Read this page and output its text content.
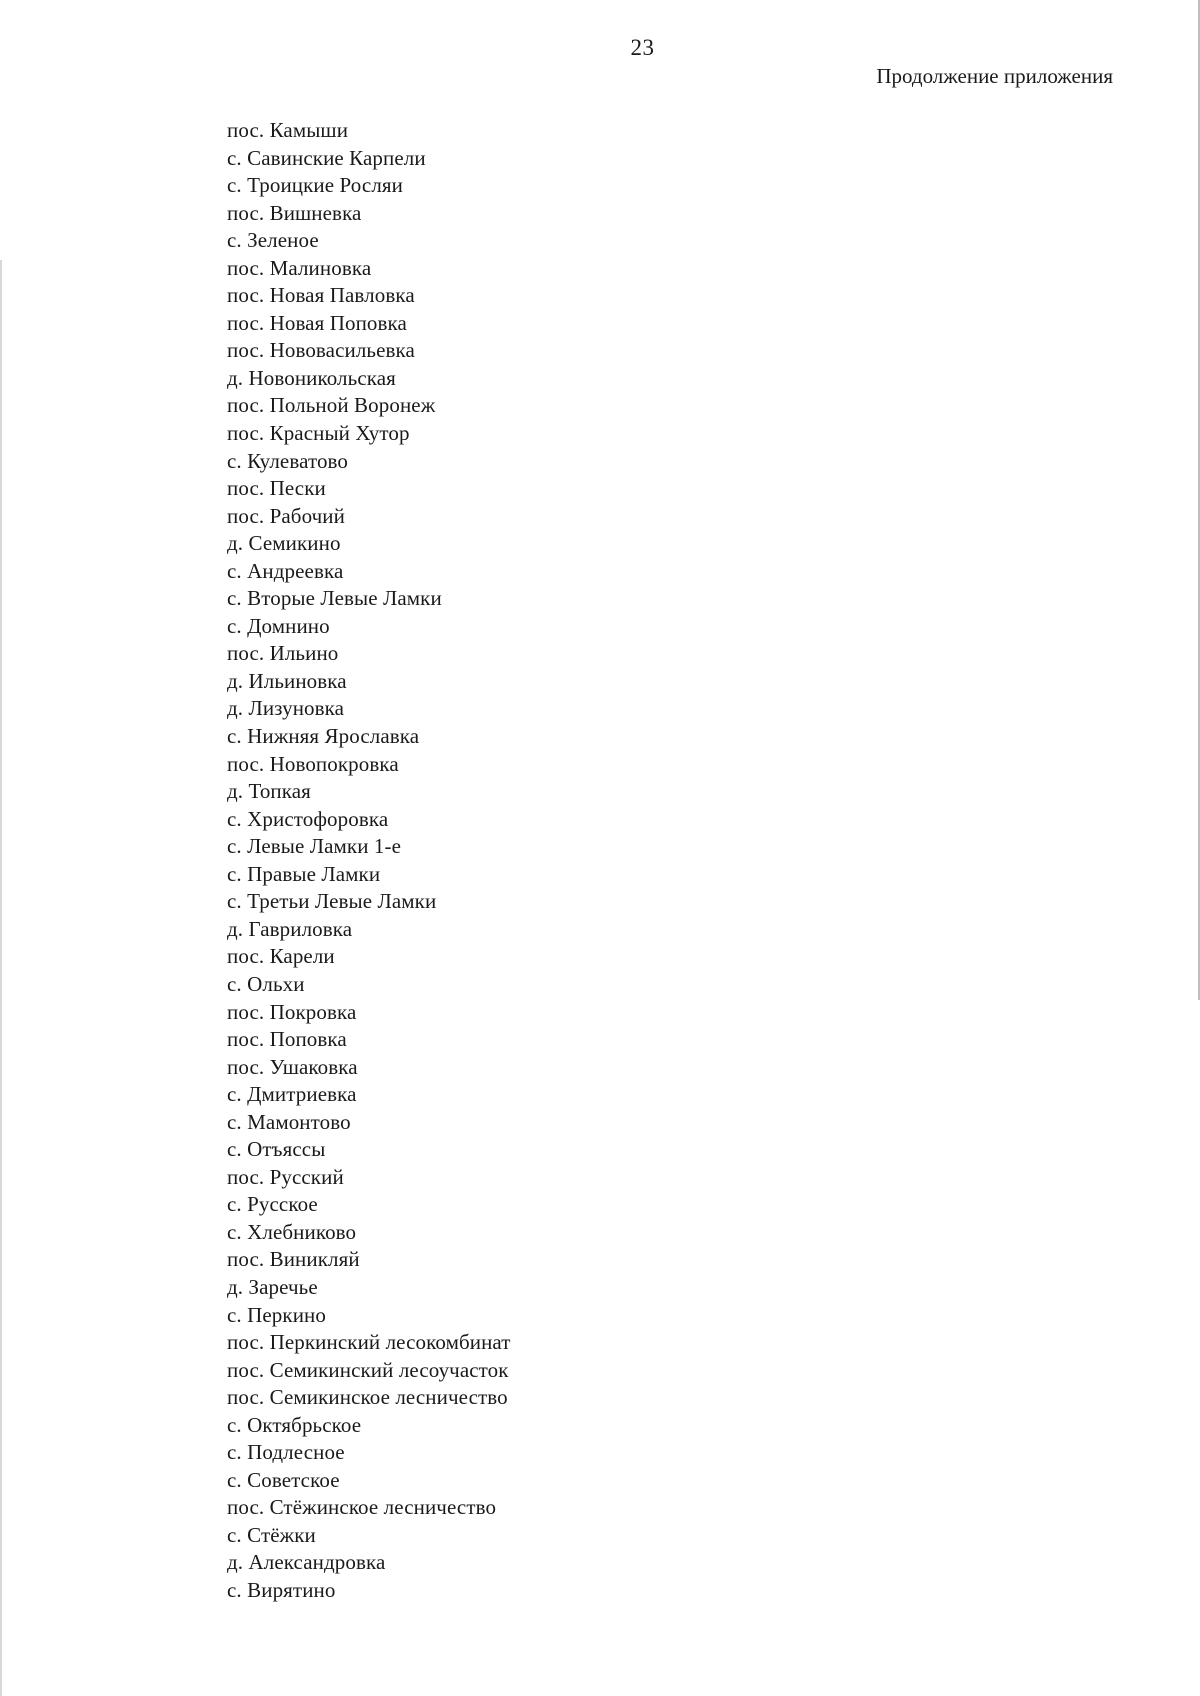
23
Продолжение приложения
пос. Камыши
с. Савинские Карпели
с. Троицкие Росляи
пос. Вишневка
с. Зеленое
пос. Малиновка
пос. Новая Павловка
пос. Новая Поповка
пос. Нововасильевка
д. Новоникольская
пос. Польной Воронеж
пос. Красный Хутор
с. Кулеватово
пос. Пески
пос. Рабочий
д. Семикино
с. Андреевка
с. Вторые Левые Ламки
с. Домнино
пос. Ильино
д. Ильиновка
д. Лизуновка
с. Нижняя Ярославка
пос. Новопокровка
д. Топкая
с. Христофоровка
с. Левые Ламки 1-е
с. Правые Ламки
с. Третьи Левые Ламки
д. Гавриловка
пос. Карели
с. Ольхи
пос. Покровка
пос. Поповка
пос. Ушаковка
с. Дмитриевка
с. Мамонтово
с. Отъяссы
пос. Русский
с. Русское
с. Хлебниково
пос. Виникляй
д. Заречье
с. Перкино
пос. Перкинский лесокомбинат
пос. Семикинский лесоучасток
пос. Семикинское лесничество
с. Октябрьское
с. Подлесное
с. Советское
пос. Стёжинское лесничество
с. Стёжки
д. Александровка
с. Вирятино
